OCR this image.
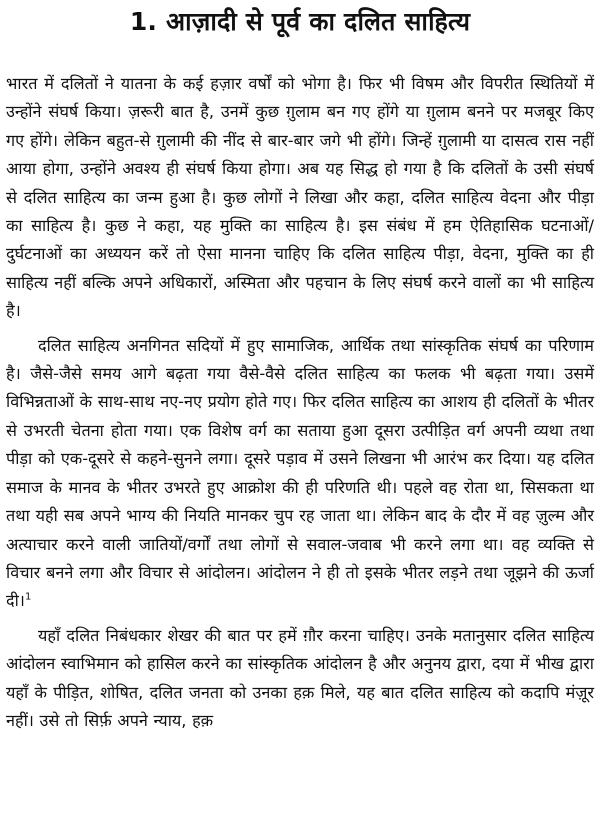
1. आज़ादी से पूर्व का दलित साहित्य

भारत में दलितों ने यातना के कई हज़ार वर्षों को भोगा है। फिर भी विषम और विपरीत स्थितियों में उन्होंने संघर्ष किया। ज़रूरी बात है, उनमें कुछ ग़ुलाम बन गए होंगे या ग़ुलाम बनने पर मजबूर किए गए होंगे। लेकिन बहुत-से ग़ुलामी की नींद से बार-बार जगे भी होंगे। जिन्हें ग़ुलामी या दासत्व रास नहीं आया होगा, उन्होंने अवश्य ही संघर्ष किया होगा। अब यह सिद्ध हो गया है कि दलितों के उसी संघर्ष से दलित साहित्य का जन्म हुआ है। कुछ लोगों ने लिखा और कहा, दलित साहित्य वेदना और पीड़ा का साहित्य है। कुछ ने कहा, यह मुक्ति का साहित्य है। इस संबंध में हम ऐतिहासिक घटनाओं/दुर्घटनाओं का अध्ययन करें तो ऐसा मानना चाहिए कि दलित साहित्य पीड़ा, वेदना, मुक्ति का ही साहित्य नहीं बल्कि अपने अधिकारों, अस्मिता और पहचान के लिए संघर्ष करने वालों का भी साहित्य है।

दलित साहित्य अनगिनत सदियों में हुए सामाजिक, आर्थिक तथा सांस्कृतिक संघर्ष का परिणाम है। जैसे-जैसे समय आगे बढ़ता गया वैसे-वैसे दलित साहित्य का फलक भी बढ़ता गया। उसमें विभिन्नताओं के साथ-साथ नए-नए प्रयोग होते गए। फिर दलित साहित्य का आशय ही दलितों के भीतर से उभरती चेतना होता गया। एक विशेष वर्ग का सताया हुआ दूसरा उत्पीड़ित वर्ग अपनी व्यथा तथा पीड़ा को एक-दूसरे से कहने-सुनने लगा। दूसरे पड़ाव में उसने लिखना भी आरंभ कर दिया। यह दलित समाज के मानव के भीतर उभरते हुए आक्रोश की ही परिणति थी। पहले वह रोता था, सिसकता था तथा यही सब अपने भाग्य की नियति मानकर चुप रह जाता था। लेकिन बाद के दौर में वह ज़ुल्म और अत्याचार करने वाली जातियों/वर्गों तथा लोगों से सवाल-जवाब भी करने लगा था। वह व्यक्ति से विचार बनने लगा और विचार से आंदोलन। आंदोलन ने ही तो इसके भीतर लड़ने तथा जूझने की ऊर्जा दी।$^1$

यहाँ दलित निबंधकार शेखर की बात पर हमें ग़ौर करना चाहिए। उनके मतानुसार दलित साहित्य आंदोलन स्वाभिमान को हासिल करने का सांस्कृतिक आंदोलन है और अनुनय द्वारा, दया में भीख द्वारा यहाँ के पीड़ित, शोषित, दलित जनता को उनका हक़ मिले, यह बात दलित साहित्य को कदापि मंज़ूर नहीं। उसे तो सिर्फ़ अपने न्याय, हक़
